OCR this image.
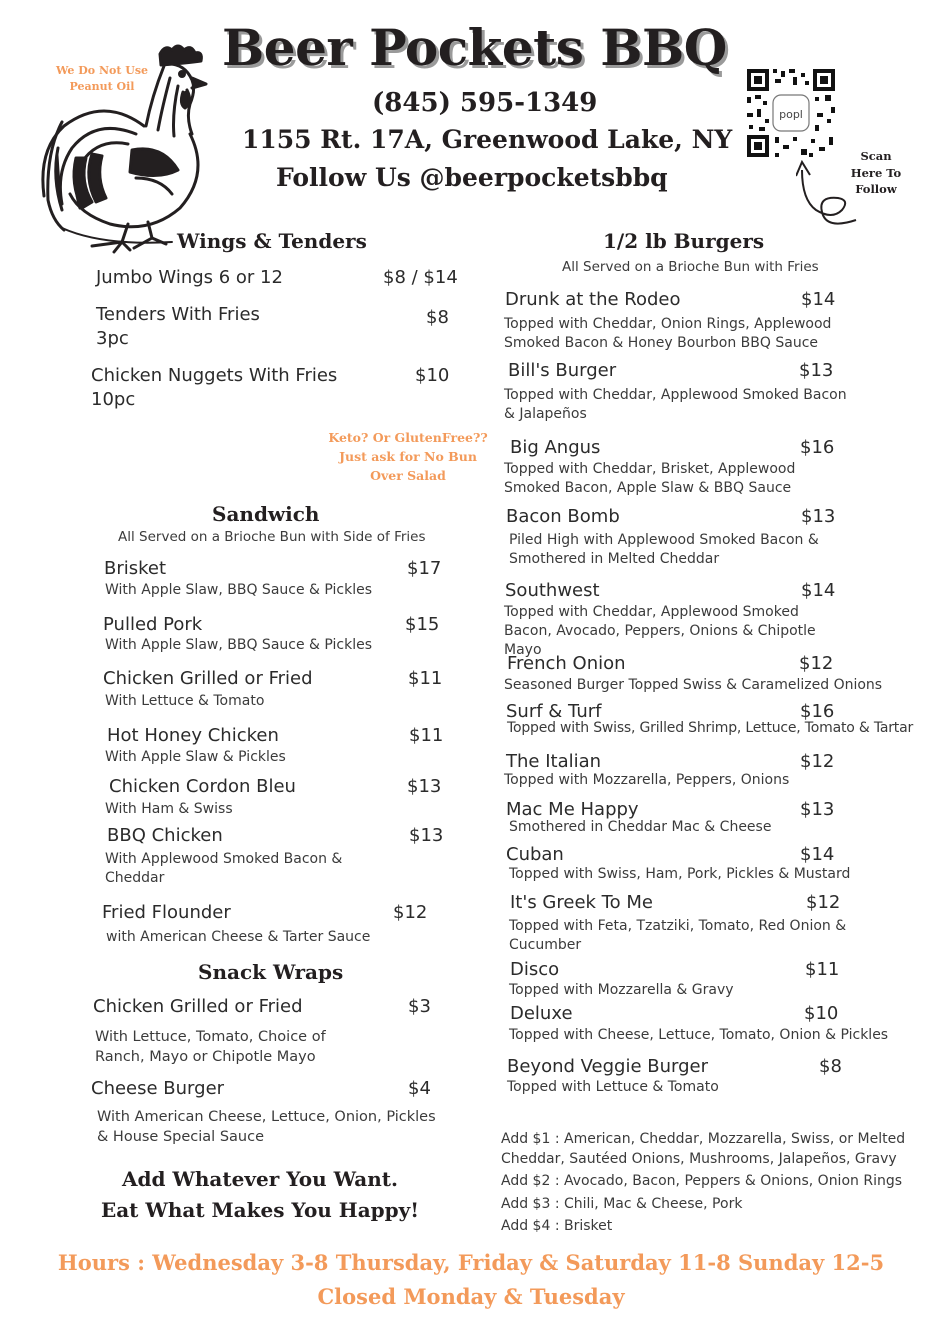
We Do Not Use Peanut Oil
Beer Pockets BBQ
(845) 595-1349
1155 Rt. 17A, Greenwood Lake, NY
Follow Us @beerpocketsbbq
popl
Scan Here To Follow
Wings & Tenders
Jumbo Wings 6 or 12	$8 / $14
Tenders With Fries
3pc
$8
Chicken Nuggets With Fries
10pc
$10
Keto? Or GlutenFree??
Just ask for No Bun
Over Salad
Sandwich
All Served on a Brioche Bun with Side of Fries
Brisket	$17
With Apple Slaw, BBQ Sauce & Pickles
Pulled Pork	$15
With Apple Slaw, BBQ Sauce & Pickles
Chicken Grilled or Fried	$11
With Lettuce & Tomato
Hot Honey Chicken	$11
With Apple Slaw & Pickles
Chicken Cordon Bleu	$13
With Ham & Swiss
BBQ Chicken	$13
With Applewood Smoked Bacon & Cheddar
Fried Flounder	$12
with American Cheese & Tarter Sauce
Snack Wraps
Chicken Grilled or Fried	$3
With Lettuce, Tomato, Choice of Ranch, Mayo or Chipotle Mayo
Cheese Burger	$4
With American Cheese, Lettuce, Onion, Pickles & House Special Sauce
Add Whatever You Want.
Eat What Makes You Happy!
1/2 lb Burgers
All Served on a Brioche Bun with Fries
Drunk at the Rodeo	$14
Topped with Cheddar, Onion Rings, Applewood Smoked Bacon & Honey Bourbon BBQ Sauce
Bill's Burger	$13
Topped with Cheddar, Applewood Smoked Bacon & Jalapeños
Big Angus	$16
Topped with Cheddar, Brisket, Applewood Smoked Bacon, Apple Slaw & BBQ Sauce
Bacon Bomb	$13
Piled High with Applewood Smoked Bacon & Smothered in Melted Cheddar
Southwest	$14
Topped with Cheddar, Applewood Smoked Bacon, Avocado, Peppers, Onions & Chipotle Mayo
French Onion	$12
Seasoned Burger Topped Swiss & Caramelized Onions
Surf & Turf	$16
Topped with Swiss, Grilled Shrimp, Lettuce, Tomato & Tartar
The Italian	$12
Topped with Mozzarella, Peppers, Onions
Mac Me Happy	$13
Smothered in Cheddar Mac & Cheese
Cuban	$14
Topped with Swiss, Ham, Pork, Pickles & Mustard
It's Greek To Me	$12
Topped with Feta, Tzatziki, Tomato, Red Onion & Cucumber
Disco	$11
Topped with Mozzarella & Gravy
Deluxe	$10
Topped with Cheese, Lettuce, Tomato, Onion & Pickles
Beyond Veggie Burger	$8
Topped with Lettuce & Tomato
Add $1 : American, Cheddar, Mozzarella, Swiss, or Melted
Cheddar, Sautéed Onions, Mushrooms, Jalapeños, Gravy
Add $2 : Avocado, Bacon, Peppers & Onions, Onion Rings
Add $3 : Chili, Mac & Cheese, Pork
Add $4 : Brisket
Hours : Wednesday 3-8 Thursday, Friday & Saturday 11-8 Sunday 12-5
Closed Monday & Tuesday
